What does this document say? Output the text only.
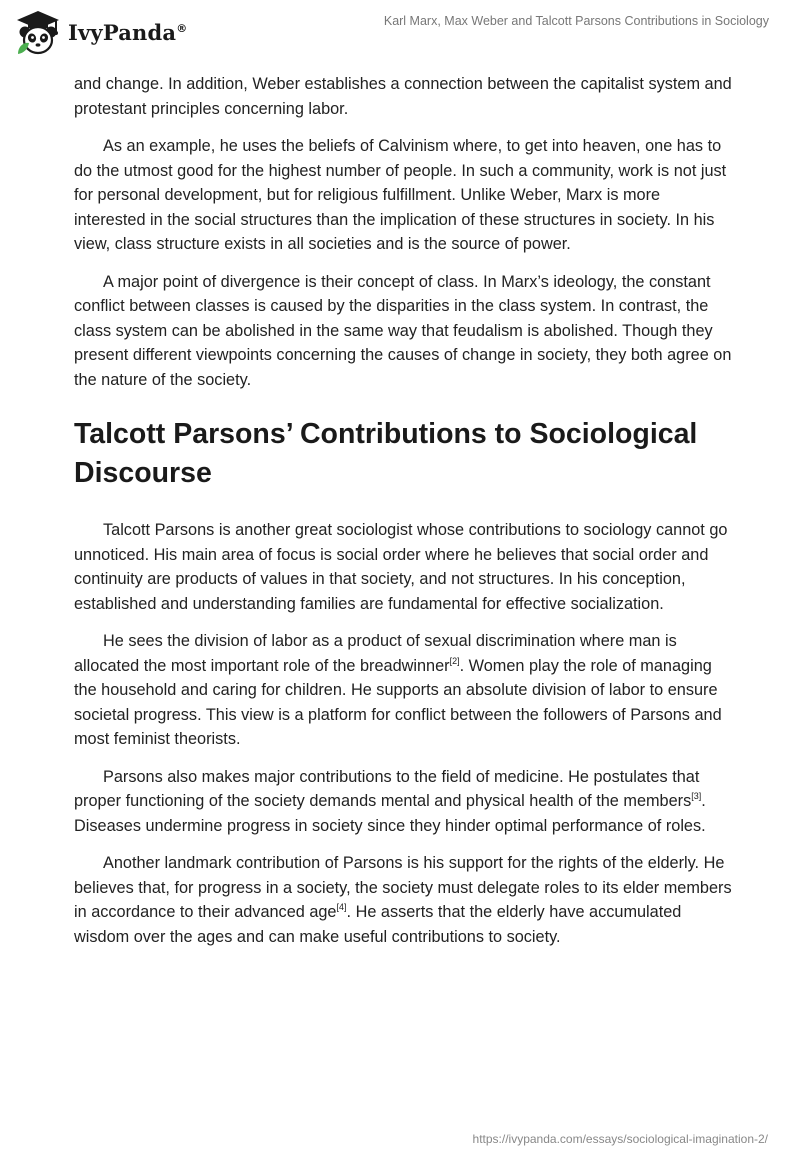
IvyPanda®	Karl Marx, Max Weber and Talcott Parsons Contributions in Sociology

and change. In addition, Weber establishes a connection between the capitalist system and protestant principles concerning labor.

As an example, he uses the beliefs of Calvinism where, to get into heaven, one has to do the utmost good for the highest number of people. In such a community, work is not just for personal development, but for religious fulfillment. Unlike Weber, Marx is more interested in the social structures than the implication of these structures in society. In his view, class structure exists in all societies and is the source of power.

A major point of divergence is their concept of class. In Marx’s ideology, the constant conflict between classes is caused by the disparities in the class system. In contrast, the class system can be abolished in the same way that feudalism is abolished. Though they present different viewpoints concerning the causes of change in society, they both agree on the nature of the society.

Talcott Parsons’ Contributions to Sociological Discourse

Talcott Parsons is another great sociologist whose contributions to sociology cannot go unnoticed. His main area of focus is social order where he believes that social order and continuity are products of values in that society, and not structures. In his conception, established and understanding families are fundamental for effective socialization.

He sees the division of labor as a product of sexual discrimination where man is allocated the most important role of the breadwinner[2]. Women play the role of managing the household and caring for children. He supports an absolute division of labor to ensure societal progress. This view is a platform for conflict between the followers of Parsons and most feminist theorists.

Parsons also makes major contributions to the field of medicine. He postulates that proper functioning of the society demands mental and physical health of the members[3]. Diseases undermine progress in society since they hinder optimal performance of roles.

Another landmark contribution of Parsons is his support for the rights of the elderly. He believes that, for progress in a society, the society must delegate roles to its elder members in accordance to their advanced age[4]. He asserts that the elderly have accumulated wisdom over the ages and can make useful contributions to society.

https://ivypanda.com/essays/sociological-imagination-2/
